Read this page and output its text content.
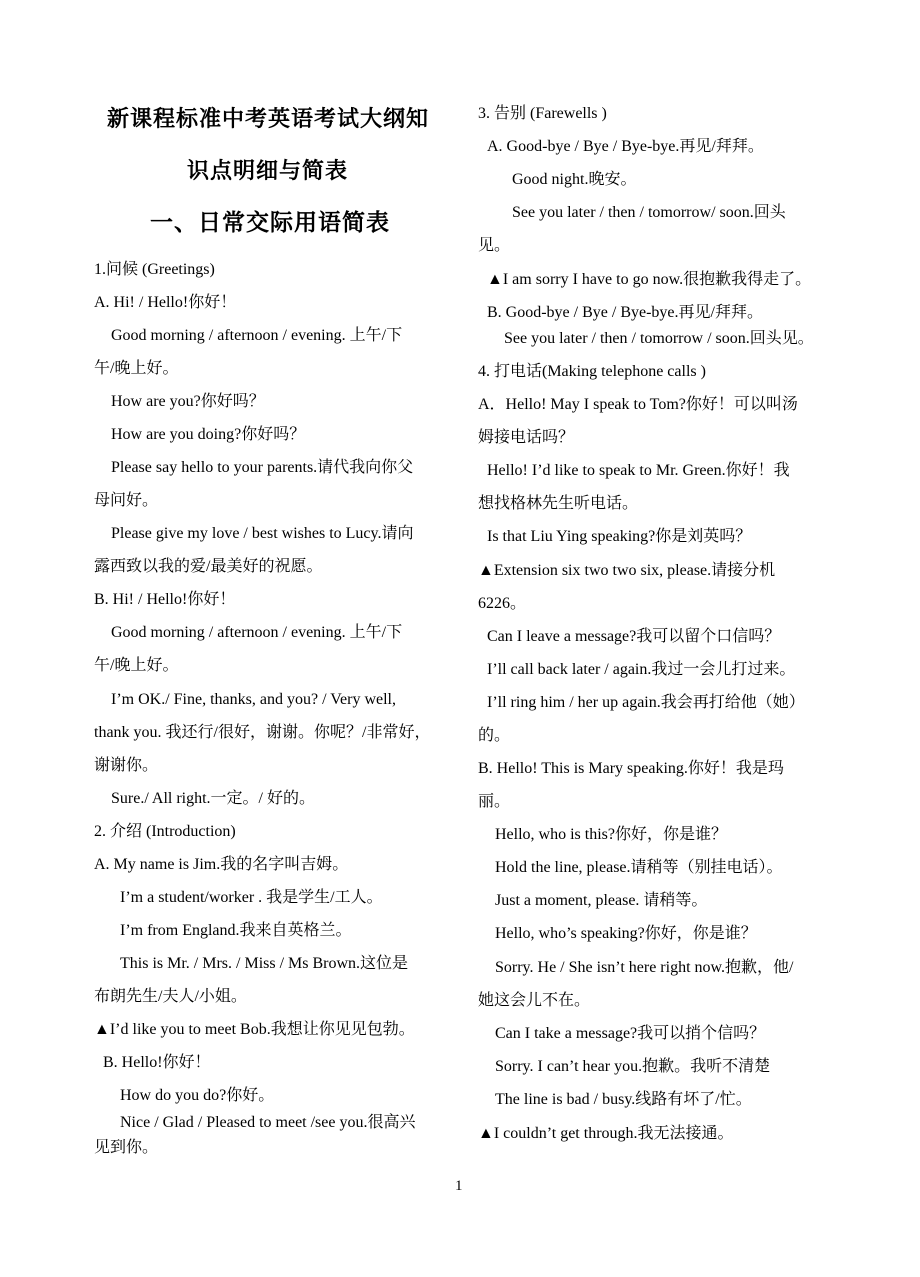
新课程标准中考英语考试大纲知
识点明细与简表
一、日常交际用语简表
1.问候 (Greetings)
A. Hi! / Hello!你好！
Good morning / afternoon / evening. 上午/下
午/晚上好。
How are you?你好吗？
How are you doing?你好吗？
Please say hello to your parents.请代我向你父
母问好。
Please give my love / best wishes to Lucy.请向
露西致以我的爱/最美好的祝愿。
B. Hi! / Hello!你好！
Good morning / afternoon / evening. 上午/下
午/晚上好。
I’m OK./ Fine, thanks, and you? / Very well,
thank you. 我还行/很好，谢谢。你呢？/非常好，
谢谢你。
Sure./ All right.一定。/ 好的。
2. 介绍 (Introduction)
A. My name is Jim.我的名字叫吉姆。
I’m a student/worker . 我是学生/工人。
I’m from England.我来自英格兰。
This is Mr. / Mrs. / Miss / Ms Brown.这位是
布朗先生/夫人/小姐。
▲I’d like you to meet Bob.我想让你见见包勃。
B. Hello!你好！
How do you do?你好。
Nice / Glad / Pleased to meet /see you.很高兴
见到你。
3. 告别 (Farewells )
A. Good-bye / Bye / Bye-bye.再见/拜拜。
Good night.晚安。
See you later / then / tomorrow/ soon.回头
见。
▲I am sorry I have to go now.很抱歉我得走了。
B. Good-bye / Bye / Bye-bye.再见/拜拜。
See you later / then / tomorrow / soon.回头见。
4. 打电话(Making telephone calls )
A．Hello! May I speak to Tom?你好！可以叫汤
姆接电话吗？
Hello! I’d like to speak to Mr. Green.你好！我
想找格林先生听电话。
Is that Liu Ying speaking?你是刘英吗？
▲Extension six two two six, please.请接分机
6226。
Can I leave a message?我可以留个口信吗？
I’ll call back later / again.我过一会儿打过来。
I’ll ring him / her up again.我会再打给他（她）
的。
B. Hello! This is Mary speaking.你好！我是玛
丽。
Hello, who is this?你好，你是谁？
Hold the line, please.请稍等（别挂电话）。
Just a moment, please. 请稍等。
Hello, who’s speaking?你好，你是谁？
Sorry. He / She isn’t here right now.抱歉，他/
她这会儿不在。
Can I take a message?我可以捎个信吗？
Sorry. I can’t hear you.抱歉。我听不清楚
The line is bad / busy.线路有坏了/忙。
▲I couldn’t get through.我无法接通。
1
